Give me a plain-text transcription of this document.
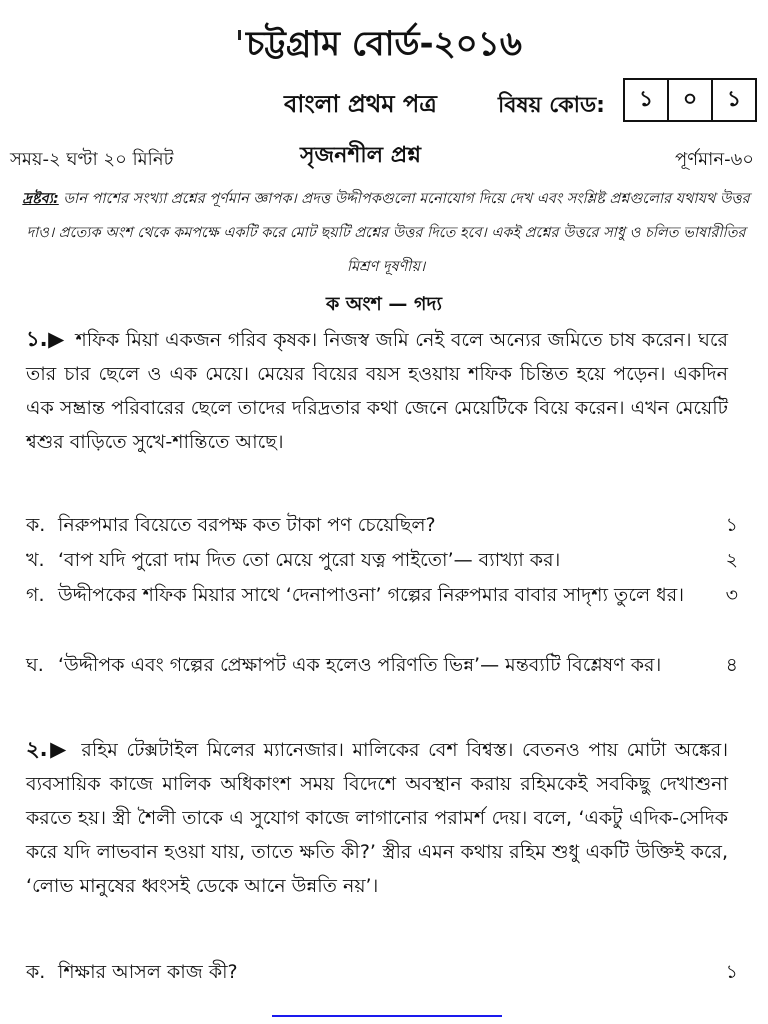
চট্টগ্রাম বোর্ড-২০১৬
বাংলা প্রথম পত্র	বিষয় কোড:	১	০	১
সময়-২ ঘণ্টা ২০ মিনিট	সৃজনশীল প্রশ্ন	পূর্ণমান-৬০
দ্রষ্টব্য: ডান পাশের সংখ্যা প্রশ্নের পূর্ণমান জ্ঞাপক। প্রদত্ত উদ্দীপকগুলো মনোযোগ দিয়ে দেখ এবং সংশ্লিষ্ট প্রশ্নগুলোর যথাযথ উত্তর দাও। প্রত্যেক অংশ থেকে কমপক্ষে একটি করে মোট ছয়টি প্রশ্নের উত্তর দিতে হবে। একই প্রশ্নের উত্তরে সাধু ও চলিত ভাষারীতির মিশ্রণ দূষণীয়।
ক অংশ — গদ্য
১.▶ শফিক মিয়া একজন গরিব কৃষক। নিজস্ব জমি নেই বলে অন্যের জমিতে চাষ করেন। ঘরে তার চার ছেলে ও এক মেয়ে। মেয়ের বিয়ের বয়স হওয়ায় শফিক চিন্তিত হয়ে পড়েন। একদিন এক সম্ভ্রান্ত পরিবারের ছেলে তাদের দরিদ্রতার কথা জেনে মেয়েটিকে বিয়ে করেন। এখন মেয়েটি শ্বশুর বাড়িতে সুখে-শান্তিতে আছে।
ক. নিরুপমার বিয়েতে বরপক্ষ কত টাকা পণ চেয়েছিল?	১
খ. ‘বাপ যদি পুরো দাম দিত তো মেয়ে পুরো যত্ন পাইতো’— ব্যাখ্যা কর।	২
গ. উদ্দীপকের শফিক মিয়ার সাথে ‘দেনাপাওনা’ গল্পের নিরুপমার বাবার সাদৃশ্য তুলে ধর।	৩
ঘ. ‘উদ্দীপক এবং গল্পের প্রেক্ষাপট এক হলেও পরিণতি ভিন্ন’— মন্তব্যটি বিশ্লেষণ কর।	৪
২.▶ রহিম টেক্সটাইল মিলের ম্যানেজার। মালিকের বেশ বিশ্বস্ত। বেতনও পায় মোটা অঙ্কের। ব্যবসায়িক কাজে মালিক অধিকাংশ সময় বিদেশে অবস্থান করায় রহিমকেই সবকিছু দেখাশুনা করতে হয়। স্ত্রী শৈলী তাকে এ সুযোগ কাজে লাগানোর পরামর্শ দেয়। বলে, ‘একটু এদিক-সেদিক করে যদি লাভবান হওয়া যায়, তাতে ক্ষতি কী?’ স্ত্রীর এমন কথায় রহিম শুধু একটি উক্তিই করে, ‘লোভ মানুষের ধ্বংসই ডেকে আনে উন্নতি নয়’।
ক. শিক্ষার আসল কাজ কী?	১
